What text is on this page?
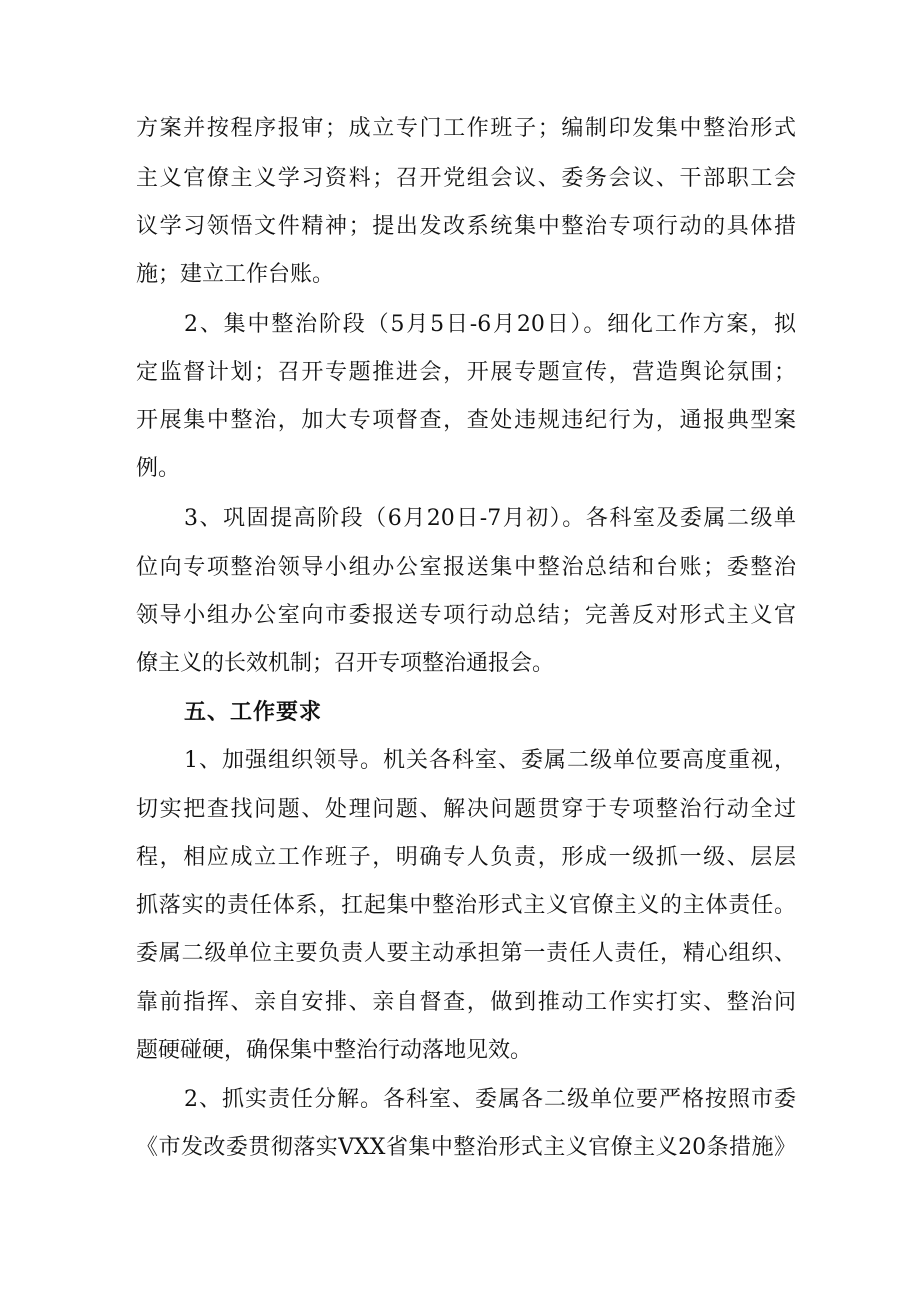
方案并按程序报审；成立专门工作班子；编制印发集中整治形式
主义官僚主义学习资料；召开党组会议、委务会议、干部职工会
议学习领悟文件精神；提出发改系统集中整治专项行动的具体措
施；建立工作台账。
2、集中整治阶段（5月5日-6月20日）。细化工作方案，拟
定监督计划；召开专题推进会，开展专题宣传，营造舆论氛围；
开展集中整治，加大专项督查，查处违规违纪行为，通报典型案
例。
3、巩固提高阶段（6月20日-7月初）。各科室及委属二级单
位向专项整治领导小组办公室报送集中整治总结和台账；委整治
领导小组办公室向市委报送专项行动总结；完善反对形式主义官
僚主义的长效机制；召开专项整治通报会。
五、工作要求
1、加强组织领导。机关各科室、委属二级单位要高度重视，
切实把查找问题、处理问题、解决问题贯穿于专项整治行动全过
程，相应成立工作班子，明确专人负责，形成一级抓一级、层层
抓落实的责任体系，扛起集中整治形式主义官僚主义的主体责任。
委属二级单位主要负责人要主动承担第一责任人责任，精心组织、
靠前指挥、亲自安排、亲自督查，做到推动工作实打实、整治问
题硬碰硬，确保集中整治行动落地见效。
2、抓实责任分解。各科室、委属各二级单位要严格按照市委
《市发改委贯彻落实VXX省集中整治形式主义官僚主义20条措施》
